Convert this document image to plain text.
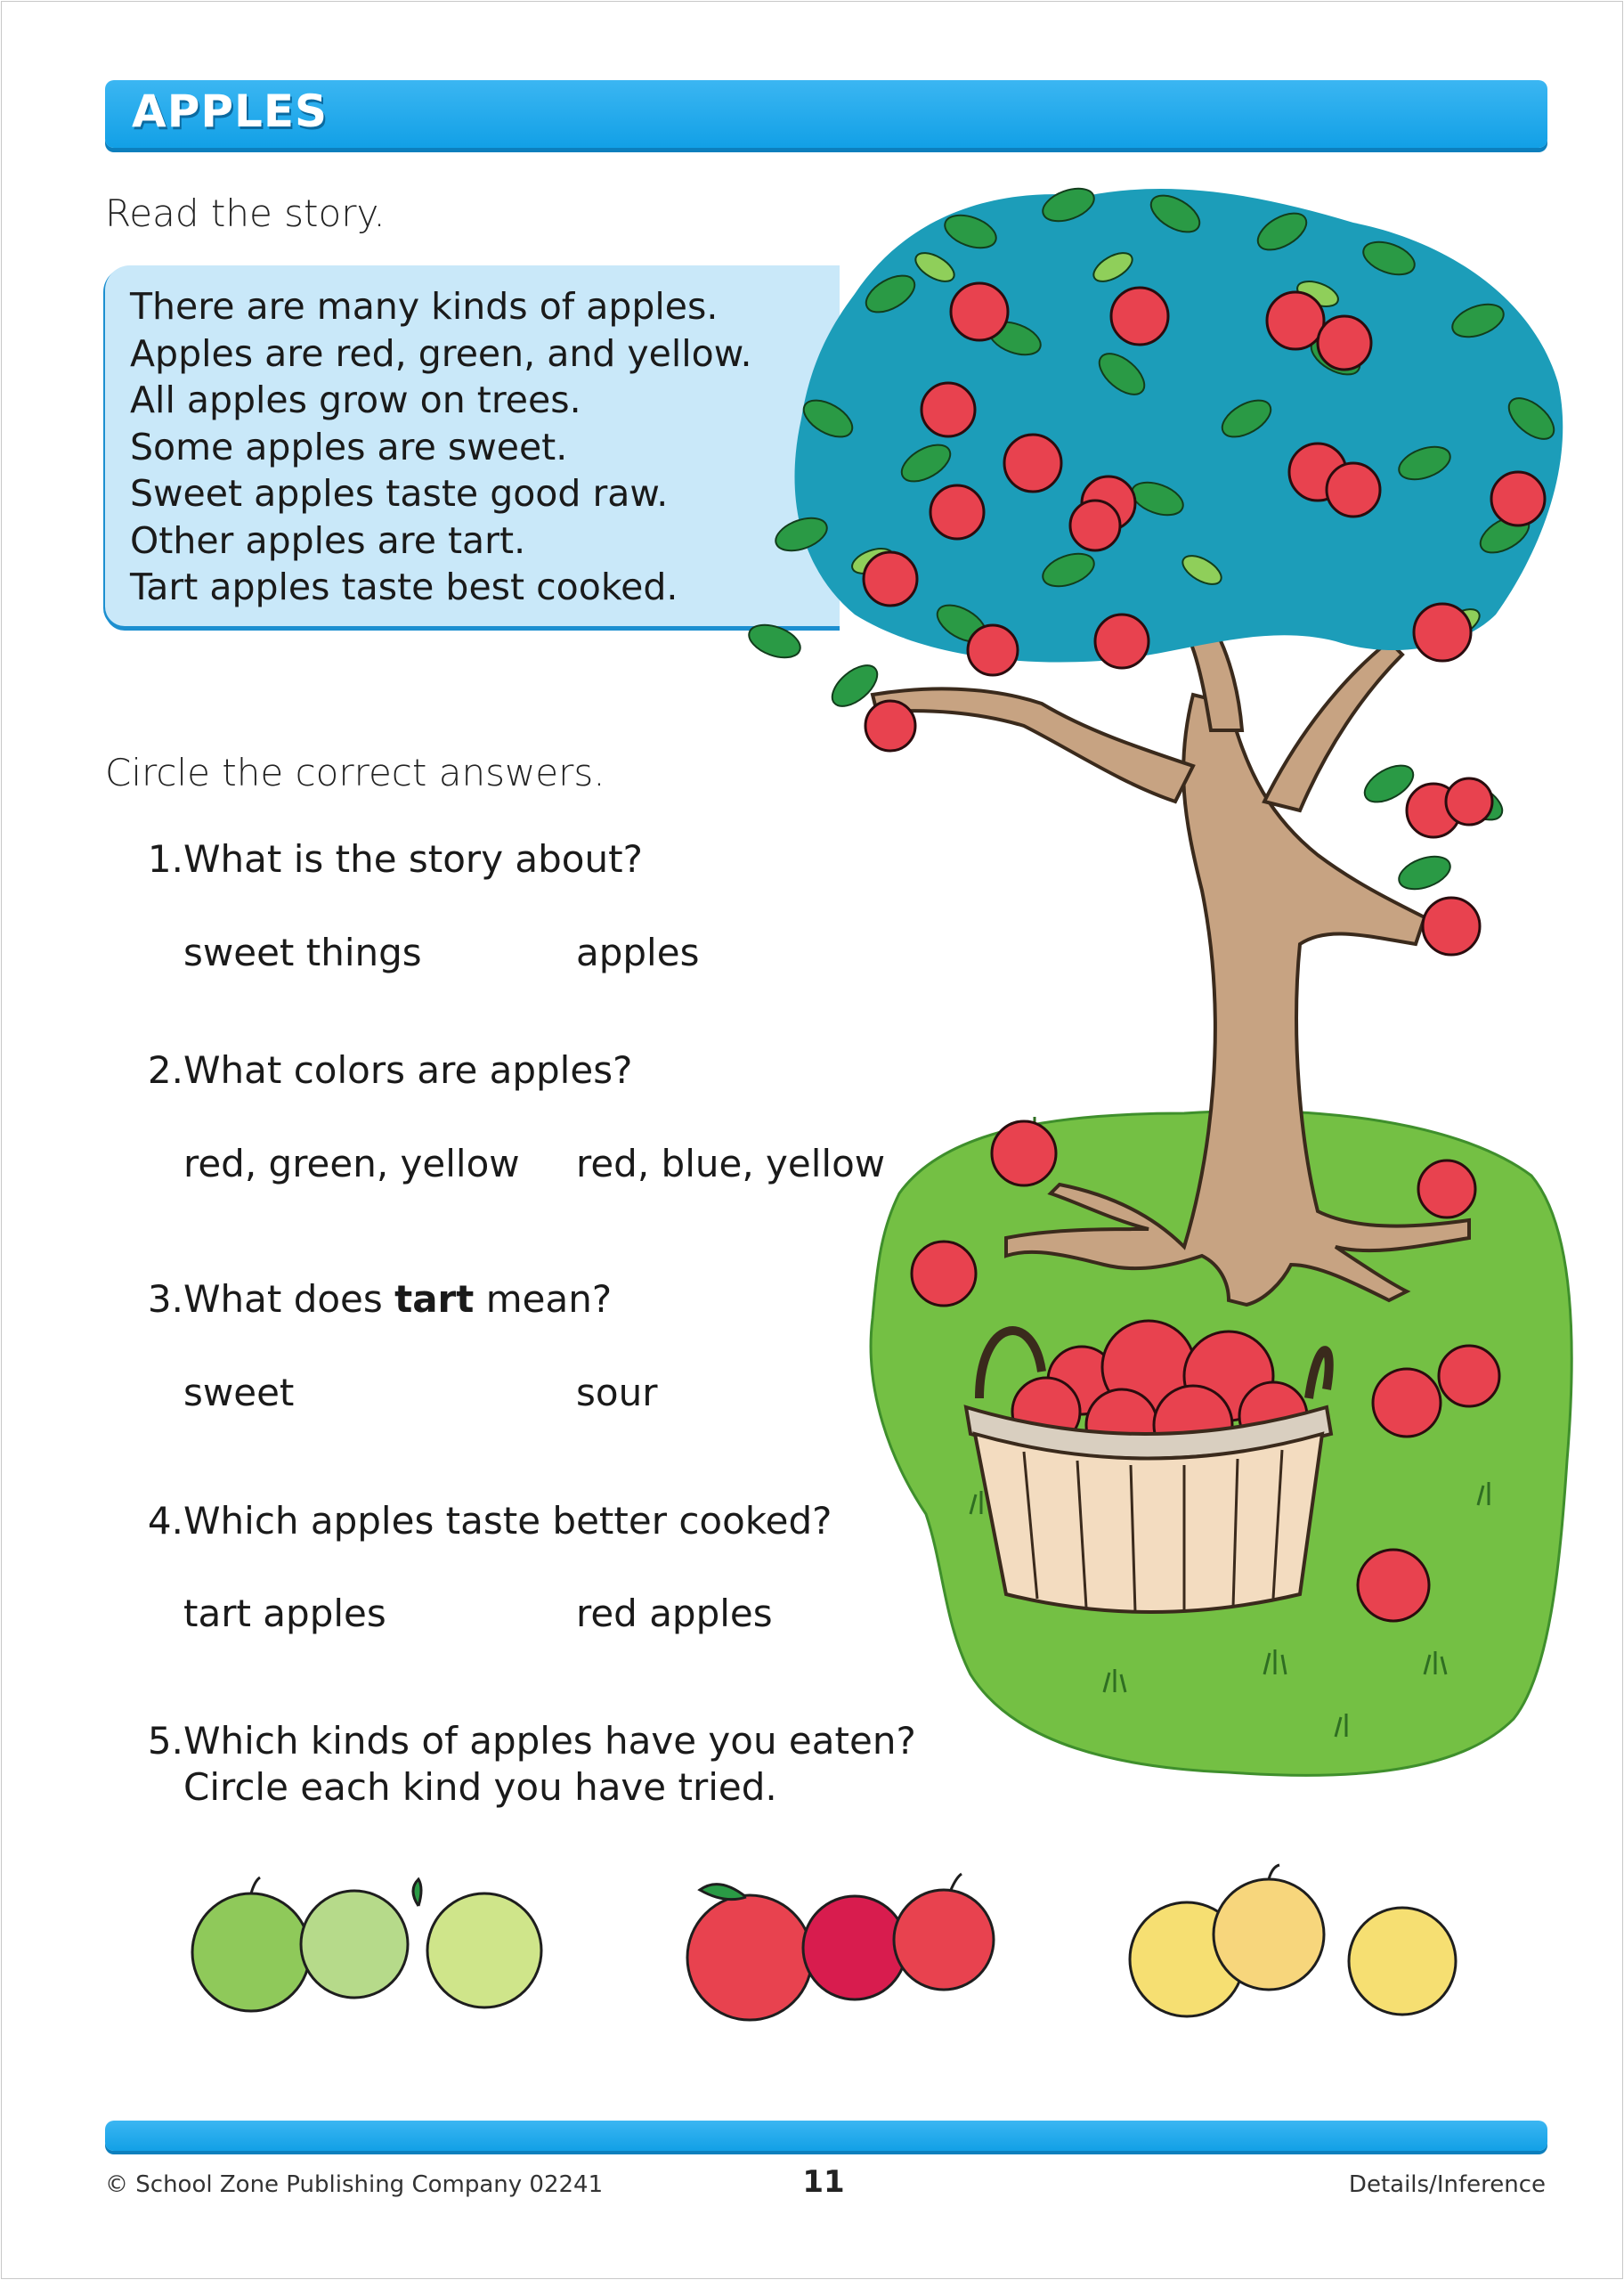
APPLES
Read the story.
There are many kinds of apples.
Apples are red, green, and yellow.
All apples grow on trees.
Some apples are sweet.
Sweet apples taste good raw.
Other apples are tart.
Tart apples taste best cooked.
Circle the correct answers.
1. What is the story about?
sweet things	apples
2. What colors are apples?
red, green, yellow red, blue, yellow
3. What does tart mean?
sweet	sour
4. Which apples taste better cooked?
tart apples	red apples
5. Which kinds of apples have you eaten?
Circle each kind you have tried.
© School Zone Publishing Company 02241	11	Details/Inference
